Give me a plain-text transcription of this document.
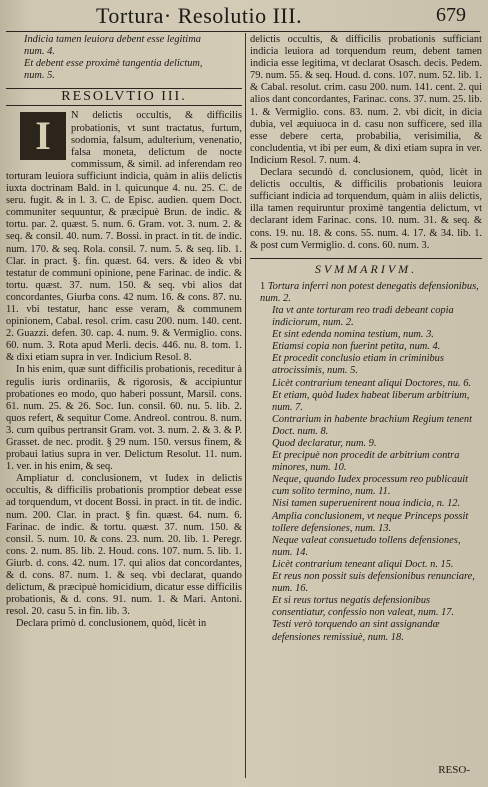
Tortura· Resolutio III.	679
Indicia tamen leuiora debent esse legitima
num. 4.
Et debent esse proximè tangentia delictum,
num. 5.
RESOLVTIO III.
I	N delictis occultis, & difficilis probationis, vt sunt tractatus, furtum, sodomia, falsum, adulterium, venenatio, falsa moneta, delictum de nocte commissum, & simil. ad inferendam reo torturam leuiora sufficiunt indicia, quàm in aliis delictis iuxta doctrinam Bald. in l. quicunque 4. nu. 25. C. de seru. fugit. & in l. 3. C. de Episc. audien. quem Doct. communiter sequuntur, & præcipuè Brun. de indic. & tortu. par. 2. quæst. 5. num. 6. Gram. vot. 3. num. 2. & seq. & consil. 40. num. 7. Bossi. in pract. in tit. de indic. num. 170. & seq. Rola. consil. 7. num. 5. & seq. lib. 1. Clar. in pract. §. fin. quæst. 64. vers. & ideo & vbi testatur de communi opinione, pene Farinac. de indic. & tortu. quæst. 37. num. 150. & seq. vbi alios dat concordantes, Giurba cons. 42 num. 16. & cons. 87. nu. 11. vbi testatur, hanc esse veram, & communem opinionem, Cabal. resol. crim. casu 200. num. 140. cent. 2. Guazzi. defen. 30. cap. 4. num. 9. & Vermiglio. cons. 60. num. 3. Rota apud Merli. decis. 446. nu. 8. tom. 1. & dixi etiam supra in ver. Indicium Resol. 8.

In his enim, quæ sunt difficilis probationis, receditur à regulis iuris ordinariis, & rigorosis, & accipiuntur probationes eo modo, quo haberi possunt, Marsil. cons. 61. num. 25. & 26. Soc. Iun. consil. 60. nu. 5. lib. 2. quos refert, & sequitur Come. Andreol. controu. 8. num. 3. cum quibus pertransit Gram. vot. 3. num. 2. & 3. & P. Grasset. de nec. prodit. § 29 num. 150. versus finem, & probaui latius supra in ver. Delictum Resolut. 11. num. 1. ver. in his enim, & seq.

Ampliatur d. conclusionem, vt Iudex in delictis occultis, & difficilis probationis promptior debeat esse ad torquendum, vt docent Bossi. in pract. in tit. de indic. num. 200. Clar. in pract. § fin. quæst. 64. num. 6. Farinac. de indic. & tortu. quæst. 37. num. 150. & consil. 5. num. 10. & cons. 23. num. 20. lib. 1. Peregr. cons. 2. num. 85. lib. 2. Houd. cons. 107. num. 5. lib. 1. Giurb. d. cons. 42. num. 17. qui alios dat concordantes, & d. cons. 87. num. 1. & seq. vbi declarat, quando delictum, & præcipuè homicidium, dicatur esse difficilis probationis, & d. cons. 91. num. 1. & Mari. Antoni. resol. 20. casu 5. in fin. lib. 3.

Declara primò d. conclusionem, quòd, licèt in

delictis occultis, & difficilis probationis sufficiant indicia leuiora ad torquendum reum, debent tamen indicia esse legitima, vt declarat Osasch. decis. Pedem. 79. num. 55. & seq. Houd. d. cons. 107. num. 52. lib. 1. & Cabal. resolut. crim. casu 200. num. 141. cent. 2. qui alios dant concordantes, Farinac. cons. 37. num. 25. lib. 1. & Vermiglio. cons. 83. num. 2. vbi dicit, in dicia dubia, vel æquiuoca in d. casu non sufficere, sed illa esse debere certa, probabilia, verisimilia, & concludentia, vt ibi per eum, & dixi etiam supra in ver. Indicium Resol. 7. num. 4.

Declara secundò d. conclusionem, quòd, licèt in delictis occultis, & difficilis probationis leuiora sufficiant indicia ad torquendum, quàm in aliis delictis, illa tamen requiruntur proximè tangentia delictum, vt declarant idem Farinac. cons. 10. num. 31. & seq. & cons. 19. nu. 18. & cons. 55. num. 4. 17. & 34. lib. 1. & post cum Vermiglio. d. cons. 60. num. 3.

SVMMARIVM.
1 Tortura inferri non potest denegatis defensionibus, num. 2.
Ita vt ante torturam reo tradi debeant copia indiciorum, num. 2.
Et sint edenda nomina testium, num. 3.
Etiamsi copia non fuerint petita, num. 4.
Et procedit conclusio etiam in criminibus atrocissimis, num. 5.
Licèt contrarium teneant aliqui Doctores, nu. 6.
Et etiam, quòd Iudex habeat liberum arbitrium, num. 7.
Contrarium in habente brachium Regium tenent Doct. num. 8.
Quod declaratur, num. 9.
Et precipuè non procedit de arbitrium contra minores, num. 10.
Neque, quando Iudex processum reo publicauit cum solito termino, num. 11.
Nisi tamen superuenirent noua indicia, n. 12.
Amplia conclusionem, vt neque Princeps possit tollere defensiones, num. 13.
Neque valeat consuetudo tollens defensiones, num. 14.
Licèt contrarium teneant aliqui Doct. n. 15.
Et reus non possit suis defensionibus renunciare, num. 16.
Et si reus tortus negatis defensionibus consentiatur, confessio non valeat, num. 17.
Testi verò torquendo an sint assignandæ defensiones remissiuè, num. 18.
RESO-
